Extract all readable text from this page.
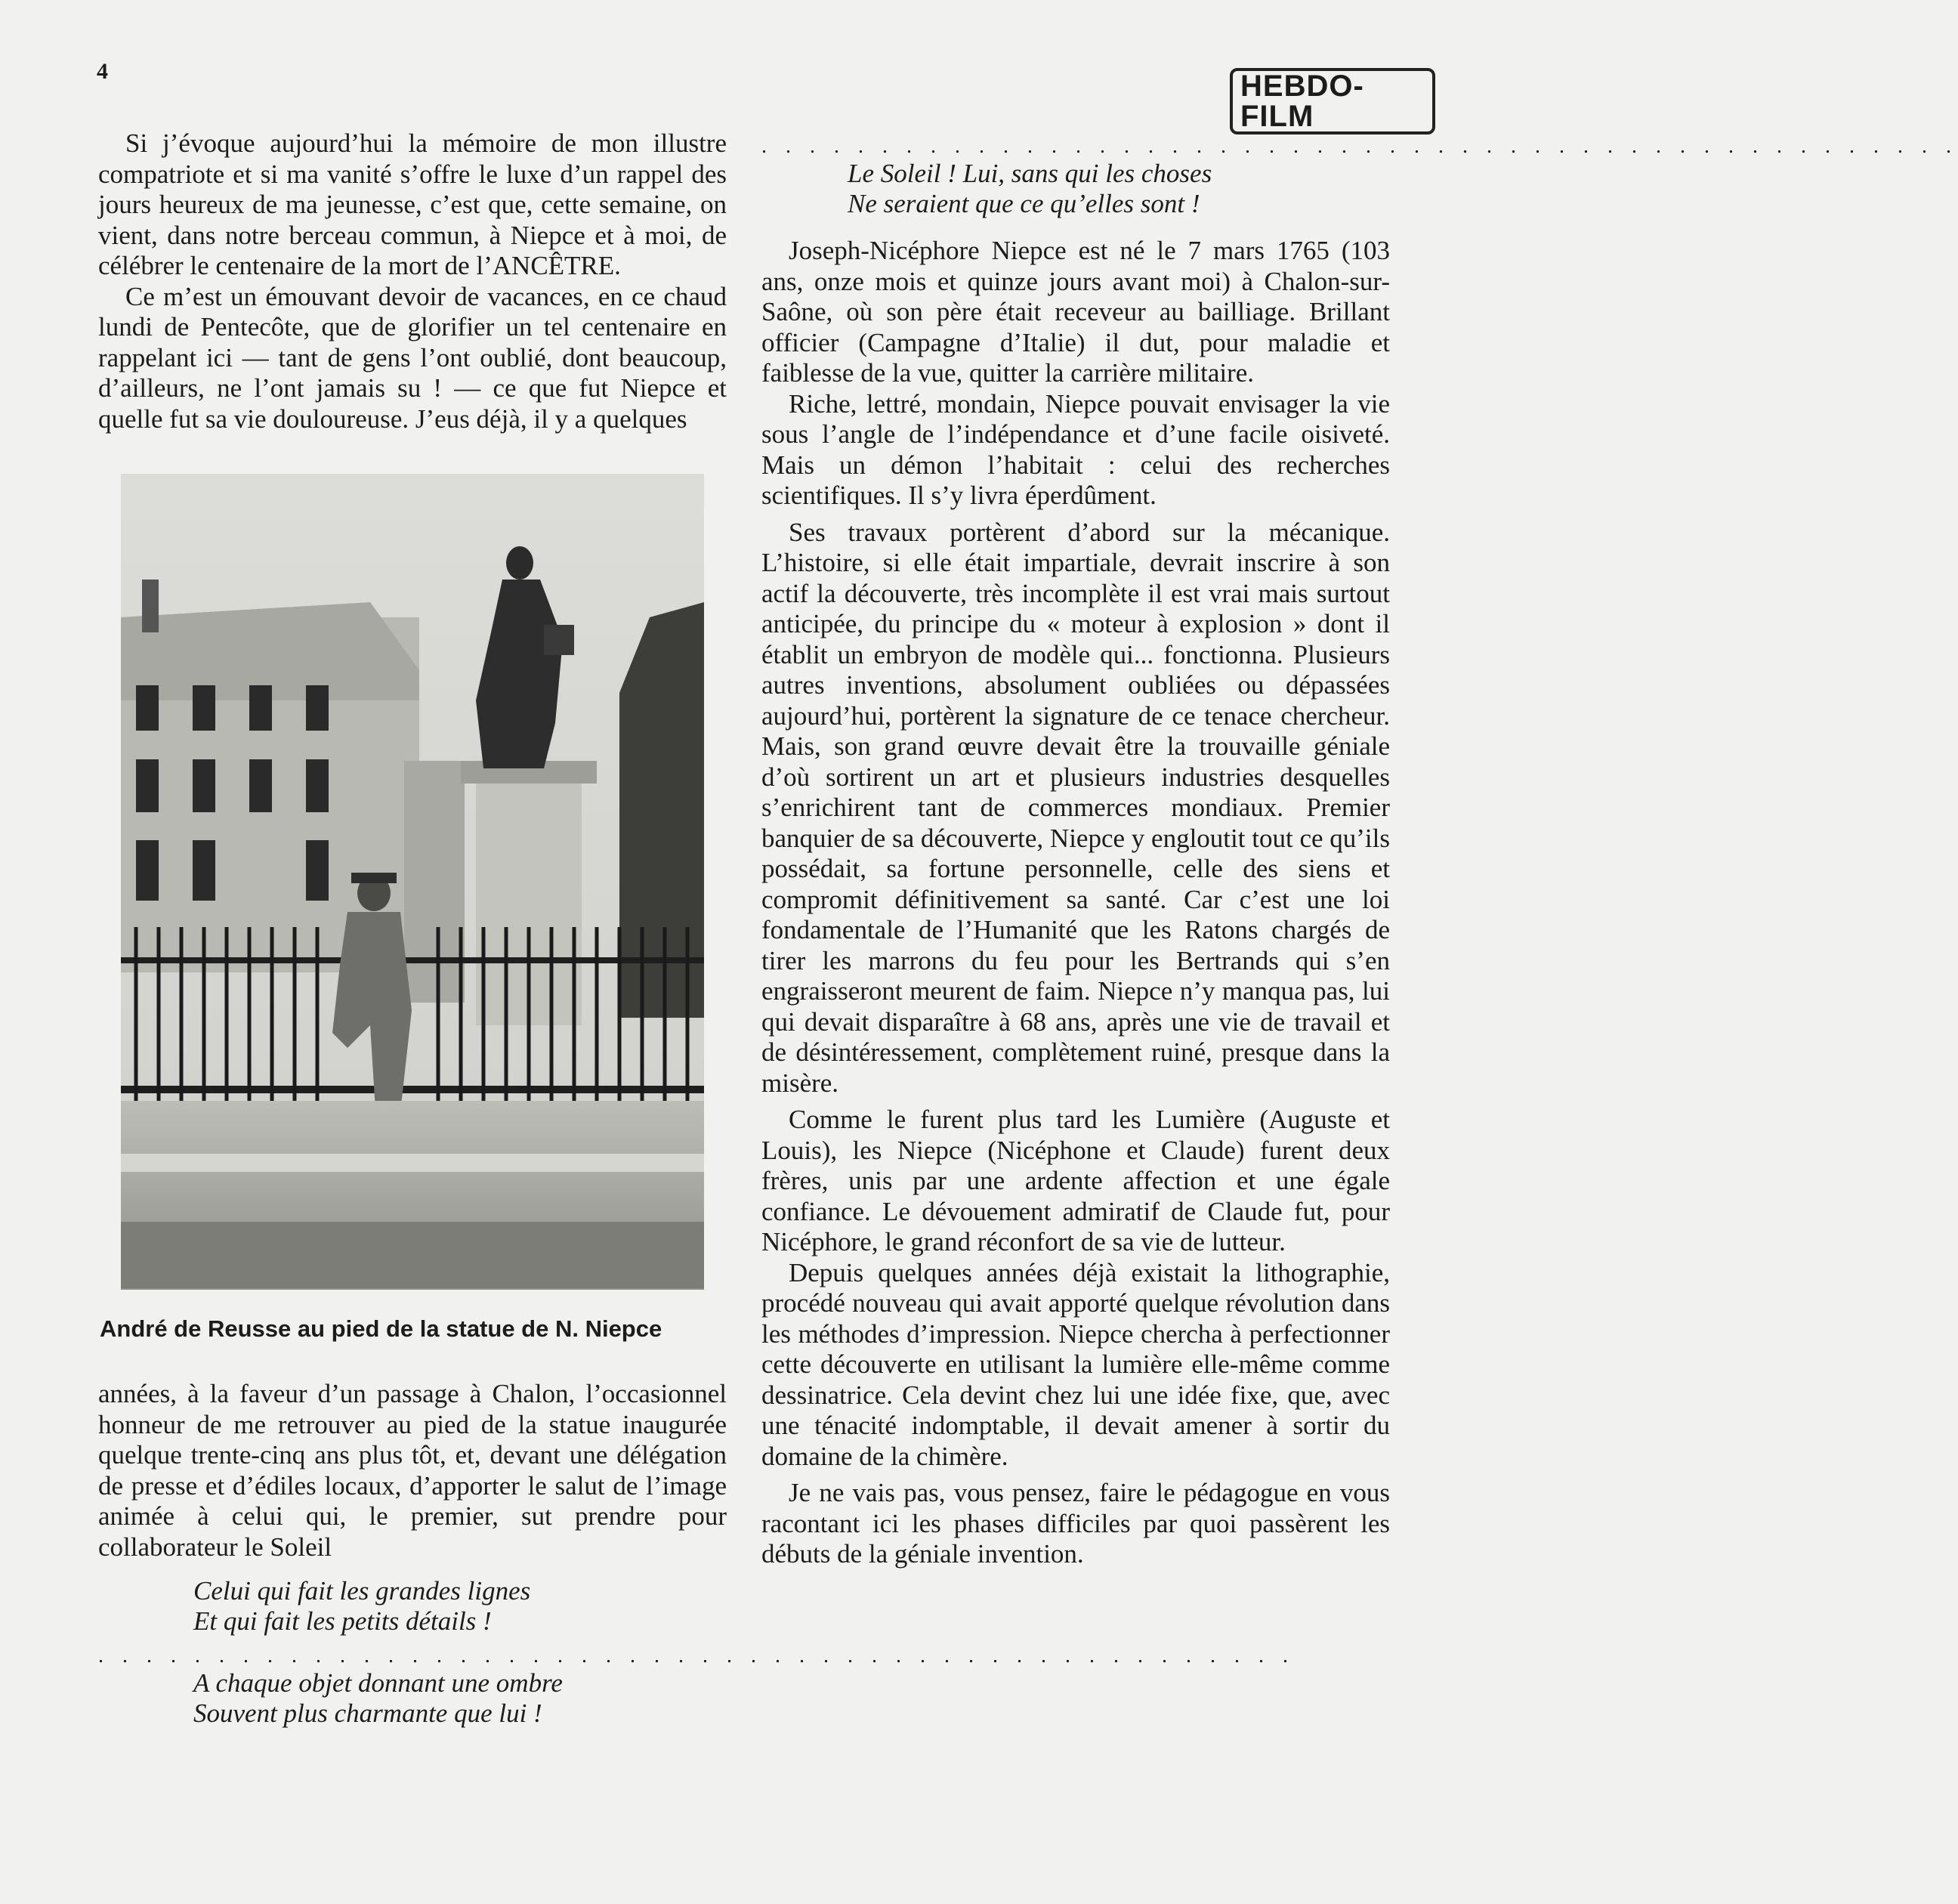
4	HEBDO-FILM

Si j’évoque aujourd’hui la mémoire de mon illustre compatriote et si ma vanité s’offre le luxe d’un rappel des jours heureux de ma jeunesse, c’est que, cette semaine, on vient, dans notre berceau commun, à Niepce et à moi, de célébrer le centenaire de la mort de l’ANCÊTRE.

Ce m’est un émouvant devoir de vacances, en ce chaud lundi de Pentecôte, que de glorifier un tel centenaire en rappelant ici — tant de gens l’ont oublié, dont beaucoup, d’ailleurs, ne l’ont jamais su ! — ce que fut Niepce et quelle fut sa vie douloureuse. J’eus déjà, il y a quelques

André de Reusse au pied de la statue de N. Niepce

années, à la faveur d’un passage à Chalon, l’occasionnel honneur de me retrouver au pied de la statue inaugurée quelque trente-cinq ans plus tôt, et, devant une délégation de presse et d’édiles locaux, d’apporter le salut de l’image animée à celui qui, le premier, sut prendre pour collaborateur le Soleil

Celui qui fait les grandes lignes

Et qui fait les petits détails !

. . . . . . . . . . . . . . . . . . . . . . . . . . . . . . . . . . . . . . . . . . . . . . . . . .

A chaque objet donnant une ombre

Souvent plus charmante que lui !

. . . . . . . . . . . . . . . . . . . . . . . . . . . . . . . . . . . . . . . . . . . . . . . . . .

Le Soleil ! Lui, sans qui les choses

Ne seraient que ce qu’elles sont !

Joseph-Nicéphore Niepce est né le 7 mars 1765 (103 ans, onze mois et quinze jours avant moi) à Chalon-sur-Saône, où son père était receveur au bailliage. Brillant officier (Campagne d’Italie) il dut, pour maladie et faiblesse de la vue, quitter la carrière militaire.

Riche, lettré, mondain, Niepce pouvait envisager la vie sous l’angle de l’indépendance et d’une facile oisiveté. Mais un démon l’habitait : celui des recherches scientifiques. Il s’y livra éperdûment.

Ses travaux portèrent d’abord sur la mécanique. L’histoire, si elle était impartiale, devrait inscrire à son actif la découverte, très incomplète il est vrai mais surtout anticipée, du principe du « moteur à explosion » dont il établit un embryon de modèle qui... fonctionna. Plusieurs autres inventions, absolument oubliées ou dépassées aujourd’hui, portèrent la signature de ce tenace chercheur. Mais, son grand œuvre devait être la trouvaille géniale d’où sortirent un art et plusieurs industries desquelles s’enrichirent tant de commerces mondiaux. Premier banquier de sa découverte, Niepce y engloutit tout ce qu’ils possédait, sa fortune personnelle, celle des siens et compromit définitivement sa santé. Car c’est une loi fondamentale de l’Humanité que les Ratons chargés de tirer les marrons du feu pour les Bertrands qui s’en engraisseront meurent de faim. Niepce n’y manqua pas, lui qui devait disparaître à 68 ans, après une vie de travail et de désintéressement, complètement ruiné, presque dans la misère.

Comme le furent plus tard les Lumière (Auguste et Louis), les Niepce (Nicéphone et Claude) furent deux frères, unis par une ardente affection et une égale confiance. Le dévouement admiratif de Claude fut, pour Nicéphore, le grand réconfort de sa vie de lutteur.

Depuis quelques années déjà existait la lithographie, procédé nouveau qui avait apporté quelque révolution dans les méthodes d’impression. Niepce chercha à perfectionner cette découverte en utilisant la lumière elle-même comme dessinatrice. Cela devint chez lui une idée fixe, que, avec une ténacité indomptable, il devait amener à sortir du domaine de la chimère.

Je ne vais pas, vous pensez, faire le pédagogue en vous racontant ici les phases difficiles par quoi passèrent les débuts de la géniale invention.
